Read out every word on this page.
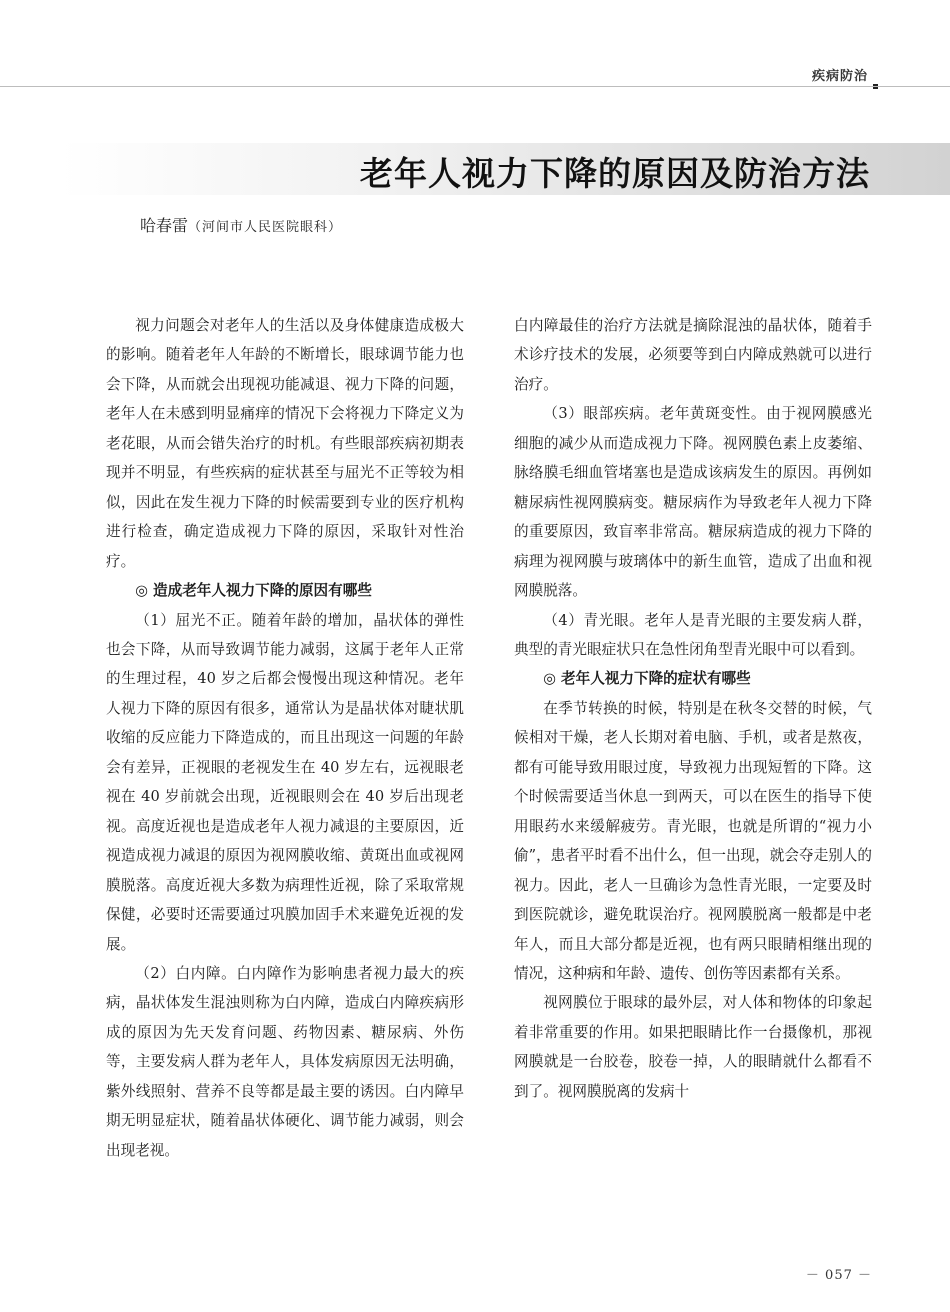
疾病防治
老年人视力下降的原因及防治方法
哈春雷（河间市人民医院眼科）

视力问题会对老年人的生活以及身体健康造成极大的影响。随着老年人年龄的不断增长，眼球调节能力也会下降，从而就会出现视功能减退、视力下降的问题，老年人在未感到明显痛痒的情况下会将视力下降定义为老花眼，从而会错失治疗的时机。有些眼部疾病初期表现并不明显，有些疾病的症状甚至与屈光不正等较为相似，因此在发生视力下降的时候需要到专业的医疗机构进行检查，确定造成视力下降的原因，采取针对性治疗。

◎ 造成老年人视力下降的原因有哪些

（1）屈光不正。随着年龄的增加，晶状体的弹性也会下降，从而导致调节能力减弱，这属于老年人正常的生理过程，40 岁之后都会慢慢出现这种情况。老年人视力下降的原因有很多，通常认为是晶状体对睫状肌收缩的反应能力下降造成的，而且出现这一问题的年龄会有差异，正视眼的老视发生在 40 岁左右，远视眼老视在 40 岁前就会出现，近视眼则会在 40 岁后出现老视。高度近视也是造成老年人视力减退的主要原因，近视造成视力减退的原因为视网膜收缩、黄斑出血或视网膜脱落。高度近视大多数为病理性近视，除了采取常规保健，必要时还需要通过巩膜加固手术来避免近视的发展。

（2）白内障。白内障作为影响患者视力最大的疾病，晶状体发生混浊则称为白内障，造成白内障疾病形成的原因为先天发育问题、药物因素、糖尿病、外伤等，主要发病人群为老年人，具体发病原因无法明确，紫外线照射、营养不良等都是最主要的诱因。白内障早期无明显症状，随着晶状体硬化、调节能力减弱，则会出现老视。

白内障最佳的治疗方法就是摘除混浊的晶状体，随着手术诊疗技术的发展，必须要等到白内障成熟就可以进行治疗。

（3）眼部疾病。老年黄斑变性。由于视网膜感光细胞的减少从而造成视力下降。视网膜色素上皮萎缩、脉络膜毛细血管堵塞也是造成该病发生的原因。再例如糖尿病性视网膜病变。糖尿病作为导致老年人视力下降的重要原因，致盲率非常高。糖尿病造成的视力下降的病理为视网膜与玻璃体中的新生血管，造成了出血和视网膜脱落。

（4）青光眼。老年人是青光眼的主要发病人群，典型的青光眼症状只在急性闭角型青光眼中可以看到。

◎ 老年人视力下降的症状有哪些

在季节转换的时候，特别是在秋冬交替的时候，气候相对干燥，老人长期对着电脑、手机，或者是熬夜，都有可能导致用眼过度，导致视力出现短暂的下降。这个时候需要适当休息一到两天，可以在医生的指导下使用眼药水来缓解疲劳。青光眼，也就是所谓的“视力小偷”，患者平时看不出什么，但一出现，就会夺走别人的视力。因此，老人一旦确诊为急性青光眼，一定要及时到医院就诊，避免耽误治疗。视网膜脱离一般都是中老年人，而且大部分都是近视，也有两只眼睛相继出现的情况，这种病和年龄、遗传、创伤等因素都有关系。

视网膜位于眼球的最外层，对人体和物体的印象起着非常重要的作用。如果把眼睛比作一台摄像机，那视网膜就是一台胶卷，胶卷一掉，人的眼睛就什么都看不到了。视网膜脱离的发病十

－ 057 －
